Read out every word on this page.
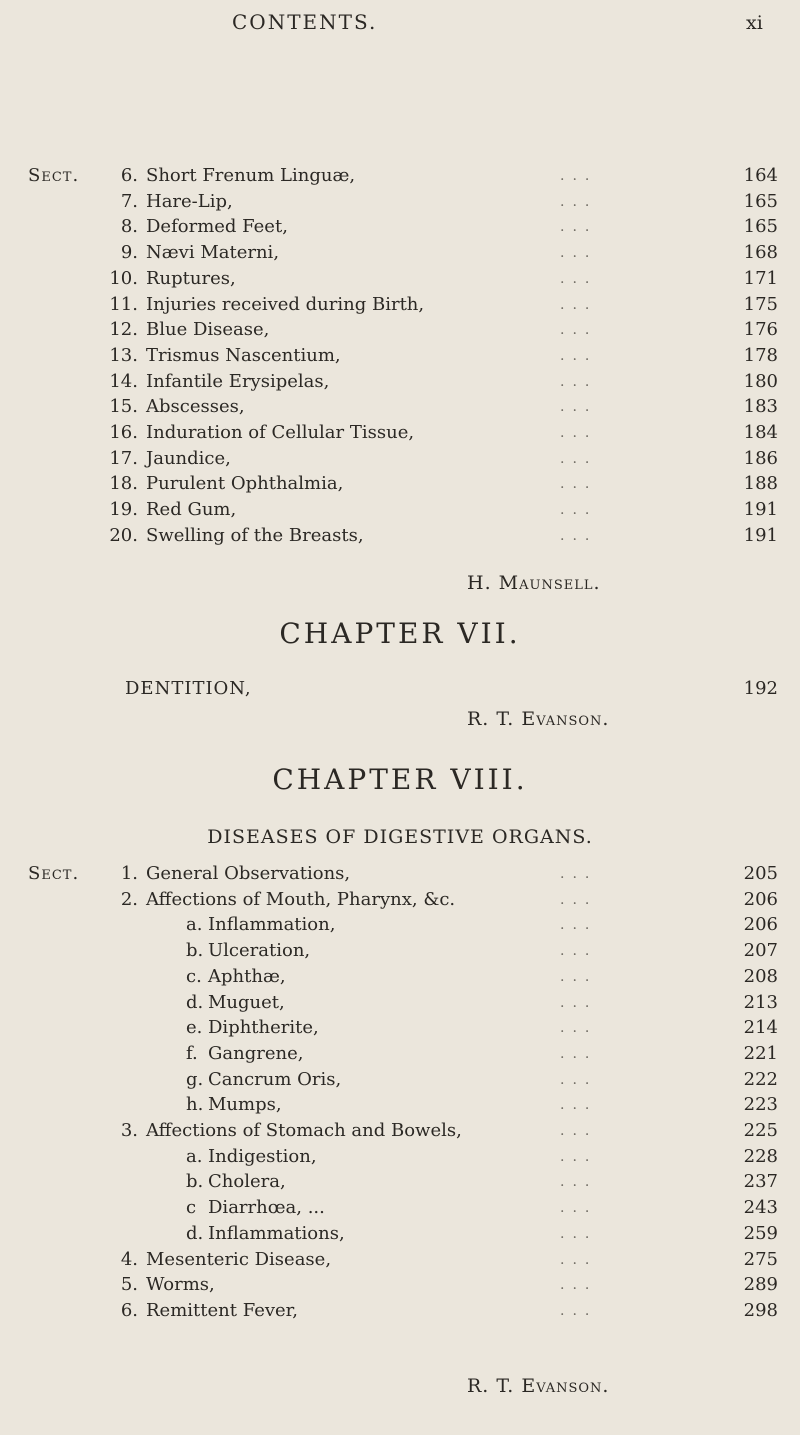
CONTENTS.	xi
Sect.	6. Short Frenum Linguæ,	...	164
7. Hare-Lip,	...	165
8. Deformed Feet,	...	165
9. Nævi Materni,	...	168
10. Ruptures,	...	171
11. Injuries received during Birth,	...	175
12. Blue Disease,	...	176
13. Trismus Nascentium,	...	178
14. Infantile Erysipelas,	...	180
15. Abscesses,	...	183
16. Induration of Cellular Tissue,	...	184
17. Jaundice,	...	186
18. Purulent Ophthalmia,	...	188
19. Red Gum,	...	191
20. Swelling of the Breasts,	...	191
H. Maunsell.
CHAPTER VII.
DENTITION,	192
R. T. Evanson.
CHAPTER VIII.
DISEASES OF DIGESTIVE ORGANS.
Sect.	1. General Observations,	...	205
2. Affections of Mouth, Pharynx, &c.	...	206
a. Inflammation,	...	206
b. Ulceration,	...	207
c. Aphthæ,	...	208
d. Muguet,	...	213
e. Diphtherite,	...	214
f. Gangrene,	...	221
g. Cancrum Oris,	...	222
h. Mumps,	...	223
3. Affections of Stomach and Bowels,	...	225
a. Indigestion,	...	228
b. Cholera,	...	237
c Diarrhœa, ...	...	243
d. Inflammations,	...	259
4. Mesenteric Disease,	...	275
5. Worms,	...	289
6. Remittent Fever,	...	298
R. T. Evanson.
